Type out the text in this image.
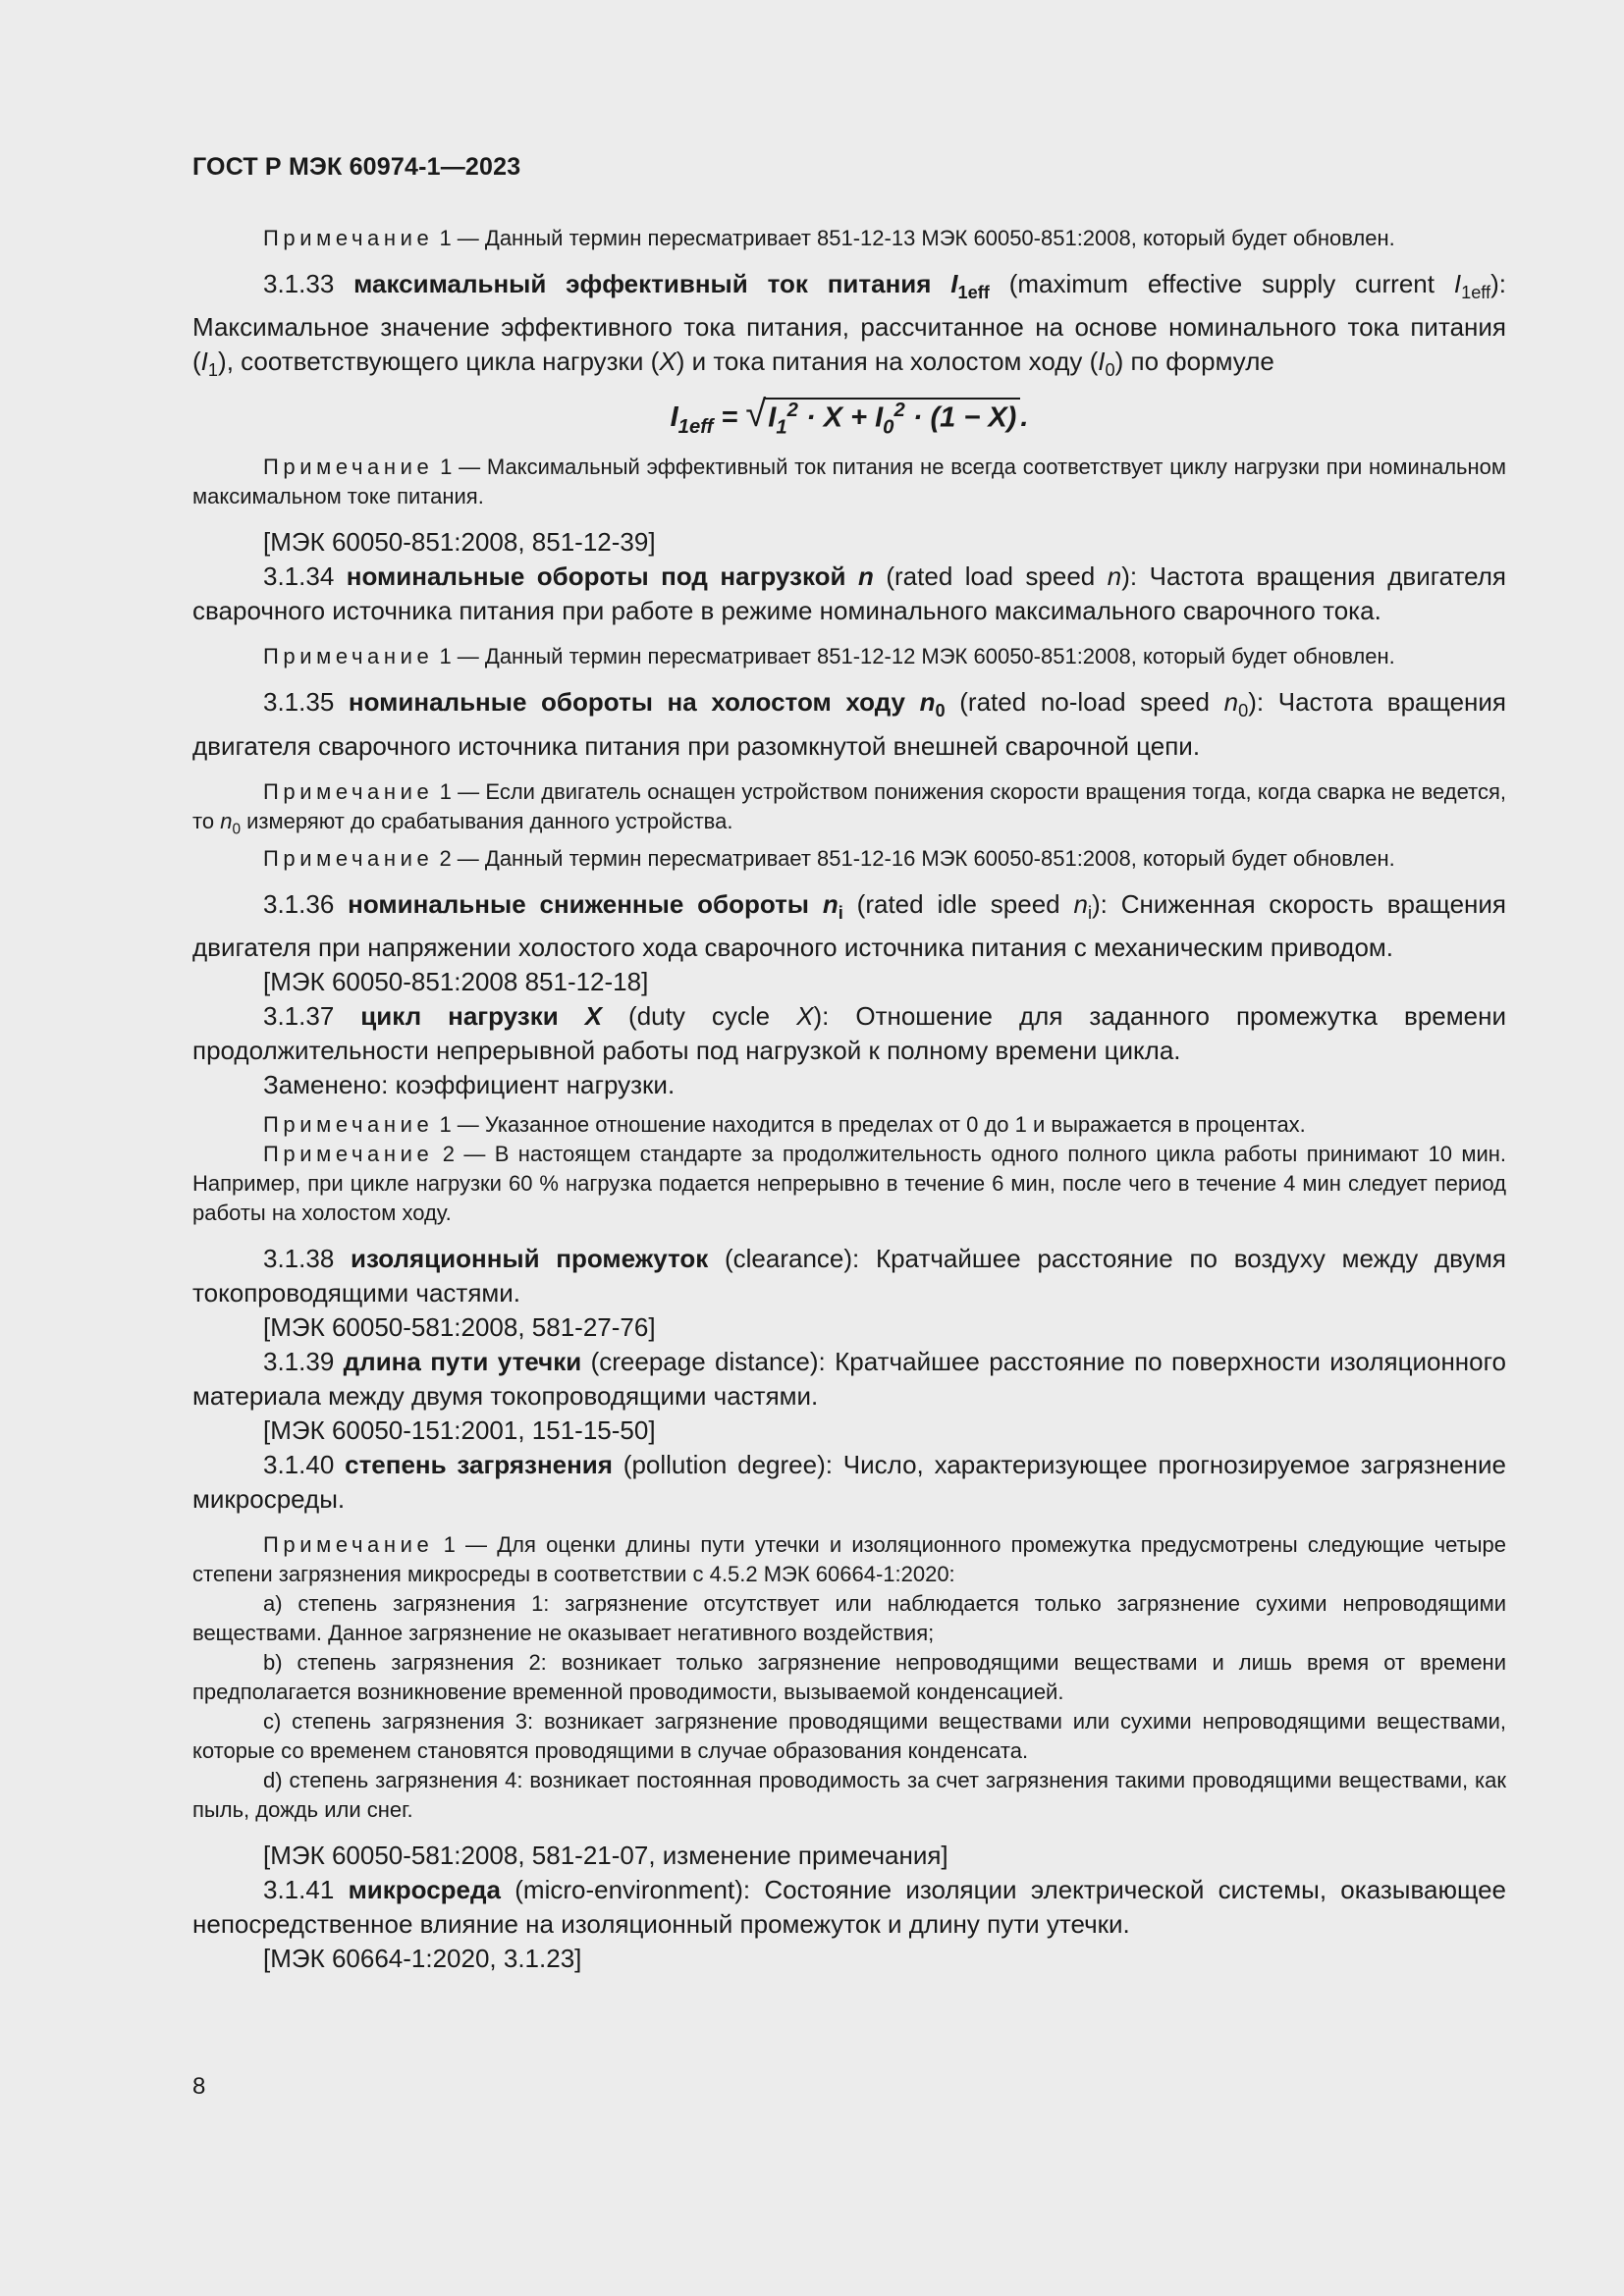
ГОСТ Р МЭК 60974-1—2023

Примечание 1 — Данный термин пересматривает 851-12-13 МЭК 60050-851:2008, который будет обновлен.

3.1.33 максимальный эффективный ток питания $I_{1eff}$ (maximum effective supply current $I_{1eff}$): Максимальное значение эффективного тока питания, рассчитанное на основе номинального тока питания $(I_1)$, соответствующего цикла нагрузки (X) и тока питания на холостом ходу $(I_0)$ по формуле

$I_{1eff} = √I_1^2 \cdot X + I_0^2 \cdot (1 - X)$ .

Примечание 1 — Максимальный эффективный ток питания не всегда соответствует циклу нагрузки при номинальном максимальном токе питания.

[МЭК 60050-851:2008, 851-12-39]

3.1.34 номинальные обороты под нагрузкой n (rated load speed n): Частота вращения двигателя сварочного источника питания при работе в режиме номинального максимального сварочного тока.

Примечание 1 — Данный термин пересматривает 851-12-12 МЭК 60050-851:2008, который будет обновлен.

3.1.35 номинальные обороты на холостом ходу $n_0$ (rated no-load speed $n_0$): Частота вращения двигателя сварочного источника питания при разомкнутой внешней сварочной цепи.

Примечание 1 — Если двигатель оснащен устройством понижения скорости вращения тогда, когда сварка не ведется, то $n_0$ измеряют до срабатывания данного устройства.

Примечание 2 — Данный термин пересматривает 851-12-16 МЭК 60050-851:2008, который будет обновлен.

3.1.36 номинальные сниженные обороты $n_i$ (rated idle speed $n_i$): Сниженная скорость вращения двигателя при напряжении холостого хода сварочного источника питания с механическим приводом.

[МЭК 60050-851:2008 851-12-18]

3.1.37 цикл нагрузки X (duty cycle X): Отношение для заданного промежутка времени продолжительности непрерывной работы под нагрузкой к полному времени цикла.

Заменено: коэффициент нагрузки.

Примечание 1 — Указанное отношение находится в пределах от 0 до 1 и выражается в процентах.

Примечание 2 — В настоящем стандарте за продолжительность одного полного цикла работы принимают 10 мин. Например, при цикле нагрузки 60 % нагрузка подается непрерывно в течение 6 мин, после чего в течение 4 мин следует период работы на холостом ходу.

3.1.38 изоляционный промежуток (clearance): Кратчайшее расстояние по воздуху между двумя токопроводящими частями.

[МЭК 60050-581:2008, 581-27-76]

3.1.39 длина пути утечки (creepage distance): Кратчайшее расстояние по поверхности изоляционного материала между двумя токопроводящими частями.

[МЭК 60050-151:2001, 151-15-50]

3.1.40 степень загрязнения (pollution degree): Число, характеризующее прогнозируемое загрязнение микросреды.

Примечание 1 — Для оценки длины пути утечки и изоляционного промежутка предусмотрены следующие четыре степени загрязнения микросреды в соответствии с 4.5.2 МЭК 60664-1:2020:

а) степень загрязнения 1: загрязнение отсутствует или наблюдается только загрязнение сухими непроводящими веществами. Данное загрязнение не оказывает негативного воздействия;

b) степень загрязнения 2: возникает только загрязнение непроводящими веществами и лишь время от времени предполагается возникновение временной проводимости, вызываемой конденсацией.

с) степень загрязнения 3: возникает загрязнение проводящими веществами или сухими непроводящими веществами, которые со временем становятся проводящими в случае образования конденсата.

d) степень загрязнения 4: возникает постоянная проводимость за счет загрязнения такими проводящими веществами, как пыль, дождь или снег.

[МЭК 60050-581:2008, 581-21-07, изменение примечания]

3.1.41 микросреда (micro-environment): Состояние изоляции электрической системы, оказывающее непосредственное влияние на изоляционный промежуток и длину пути утечки.

[МЭК 60664-1:2020, 3.1.23]

8
